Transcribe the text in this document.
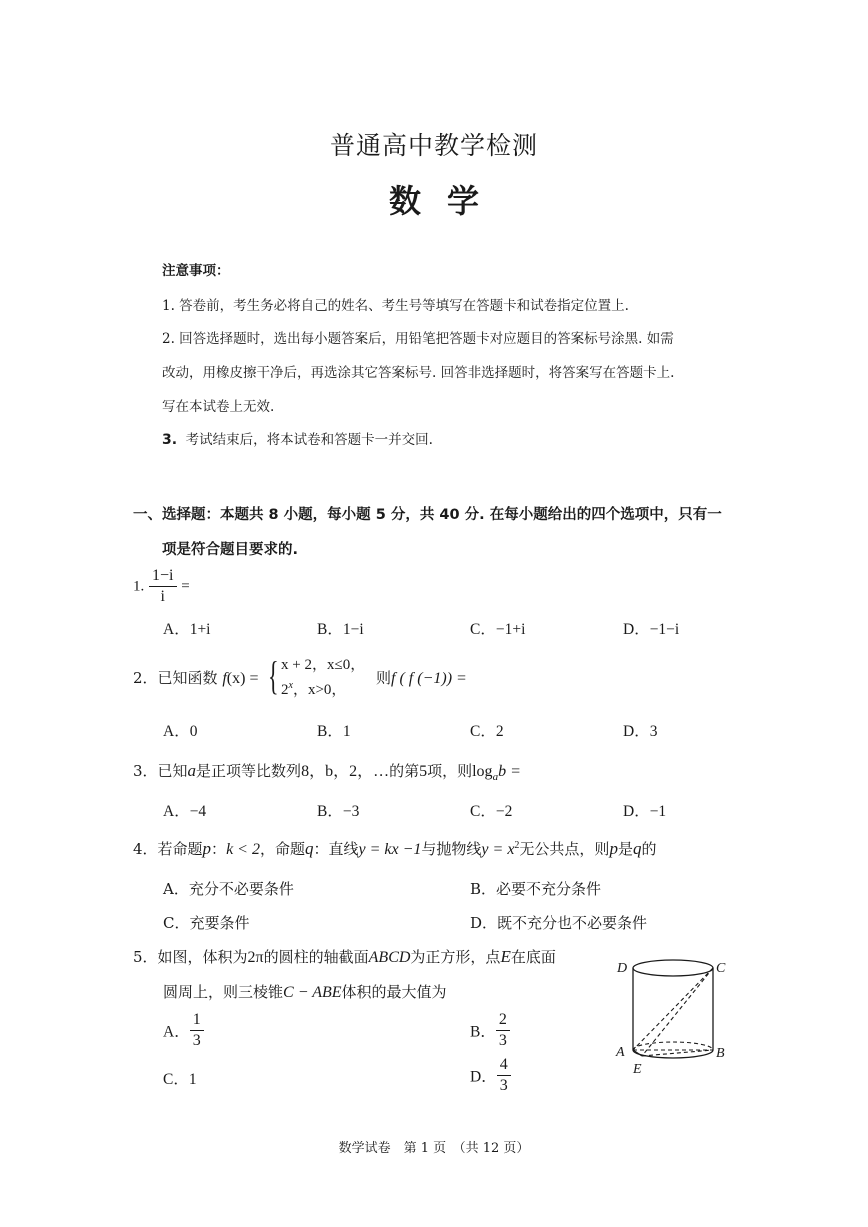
普通高中教学检测
数学
注意事项：
1. 答卷前，考生务必将自己的姓名、考生号等填写在答题卡和试卷指定位置上.
2. 回答选择题时，选出每小题答案后，用铅笔把答题卡对应题目的答案标号涂黑. 如需
改动，用橡皮擦干净后，再选涂其它答案标号. 回答非选择题时，将答案写在答题卡上.
写在本试卷上无效.
3. 考试结束后，将本试卷和答题卡一并交回.
一、选择题：本题共 8 小题，每小题 5 分，共 40 分. 在每小题给出的四个选项中，只有一
项是符合题目要求的.
1. $\frac{1-i}{i}$ =
A．1+i	B．1−i	C．−1+i	D．−1−i
2．已知函数 f(x) = { x + 2，x≤0，
2$^x$，x>0，
则f ( f (−1)) =
A．0	B．1	C．2	D．3
3．已知a是正项等比数列8，b，2，…的第5项，则$\log_ab$ =
A．−4	B．−3	C．−2	D．−1
4．若命题p：k < 2，命题q：直线y = kx −1与抛物线$y = x^2$无公共点，则p是q的
A．充分不必要条件	B．必要不充分条件
C．充要条件	D．既不充分也不必要条件
5．如图，体积为2π的圆柱的轴截面ABCD为正方形，点E在底面
圆周上，则三棱锥C − ABE体积的最大值为
A． $\frac{1}{3}$	B． $\frac{2}{3}$
C．1	D． $\frac{4}{3}$
D	C
A	B
E
数学试卷　第 1 页　（共 12 页）
